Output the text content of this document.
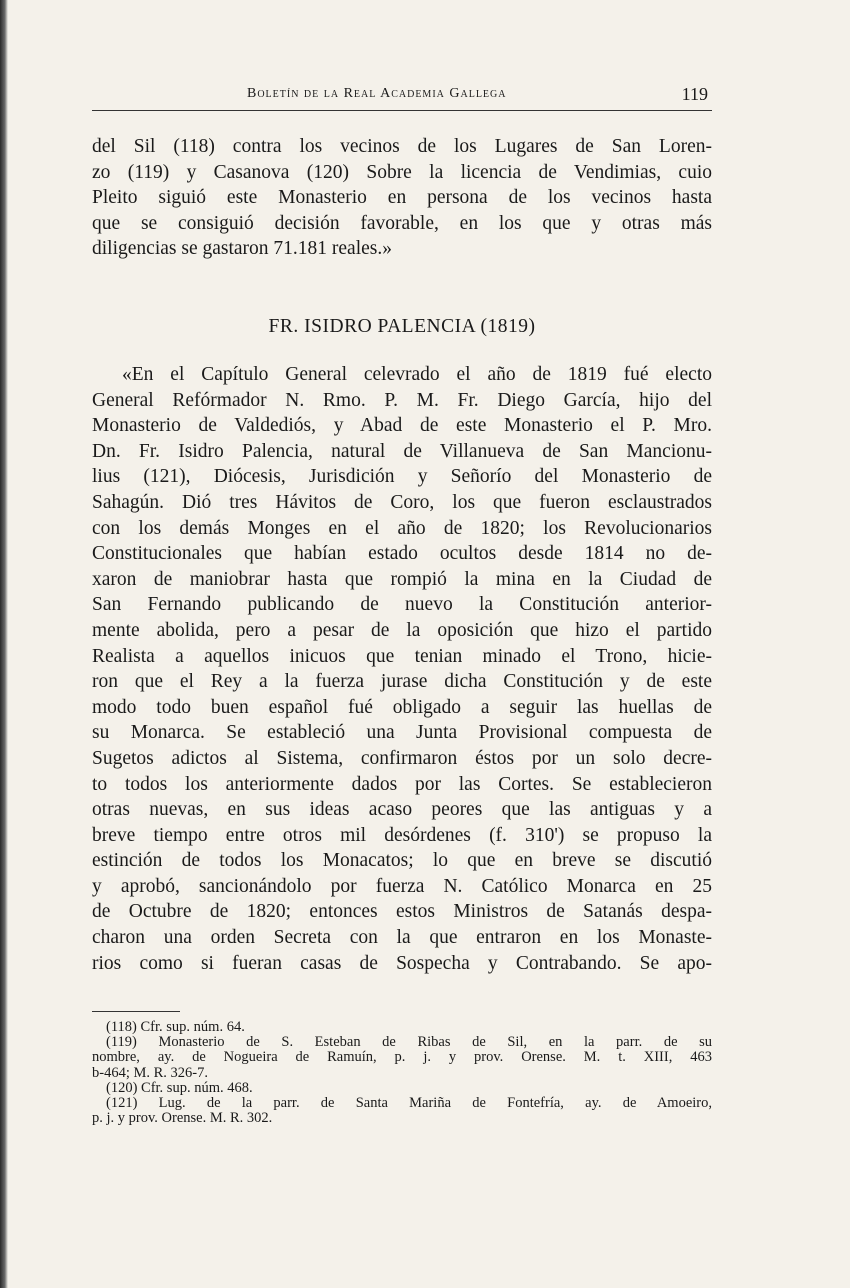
Boletín de la Real Academia Gallega	119
del Sil (118) contra los vecinos de los Lugares de San Loren-
zo (119) y Casanova (120) Sobre la licencia de Vendimias, cuio
Pleito siguió este Monasterio en persona de los vecinos hasta
que se consiguió decisión favorable, en los que y otras más
diligencias se gastaron 71.181 reales.»
FR. ISIDRO PALENCIA (1819)
«En el Capítulo General celevrado el año de 1819 fué electo
General Refórmador N. Rmo. P. M. Fr. Diego García, hijo del
Monasterio de Valdediós, y Abad de este Monasterio el P. Mro.
Dn. Fr. Isidro Palencia, natural de Villanueva de San Mancionu-
lius (121), Diócesis, Jurisdición y Señorío del Monasterio de
Sahagún. Dió tres Hávitos de Coro, los que fueron esclaustrados
con los demás Monges en el año de 1820; los Revolucionarios
Constitucionales que habían estado ocultos desde 1814 no de-
xaron de maniobrar hasta que rompió la mina en la Ciudad de
San Fernando publicando de nuevo la Constitución anterior-
mente abolida, pero a pesar de la oposición que hizo el partido
Realista a aquellos inicuos que tenian minado el Trono, hicie-
ron que el Rey a la fuerza jurase dicha Constitución y de este
modo todo buen español fué obligado a seguir las huellas de
su Monarca. Se estableció una Junta Provisional compuesta de
Sugetos adictos al Sistema, confirmaron éstos por un solo decre-
to todos los anteriormente dados por las Cortes. Se establecieron
otras nuevas, en sus ideas acaso peores que las antiguas y a
breve tiempo entre otros mil desórdenes (f. 310') se propuso la
estinción de todos los Monacatos; lo que en breve se discutió
y aprobó, sancionándolo por fuerza N. Católico Monarca en 25
de Octubre de 1820; entonces estos Ministros de Satanás despa-
charon una orden Secreta con la que entraron en los Monaste-
rios como si fueran casas de Sospecha y Contrabando. Se apo-

(118) Cfr. sup. núm. 64.

(119) Monasterio de S. Esteban de Ribas de Sil, en la parr. de su
nombre, ay. de Nogueira de Ramuín, p. j. y prov. Orense. M. t. XIII, 463
b-464; M. R. 326-7.

(120) Cfr. sup. núm. 468.

(121) Lug. de la parr. de Santa Mariña de Fontefría, ay. de Amoeiro,
p. j. y prov. Orense. M. R. 302.
